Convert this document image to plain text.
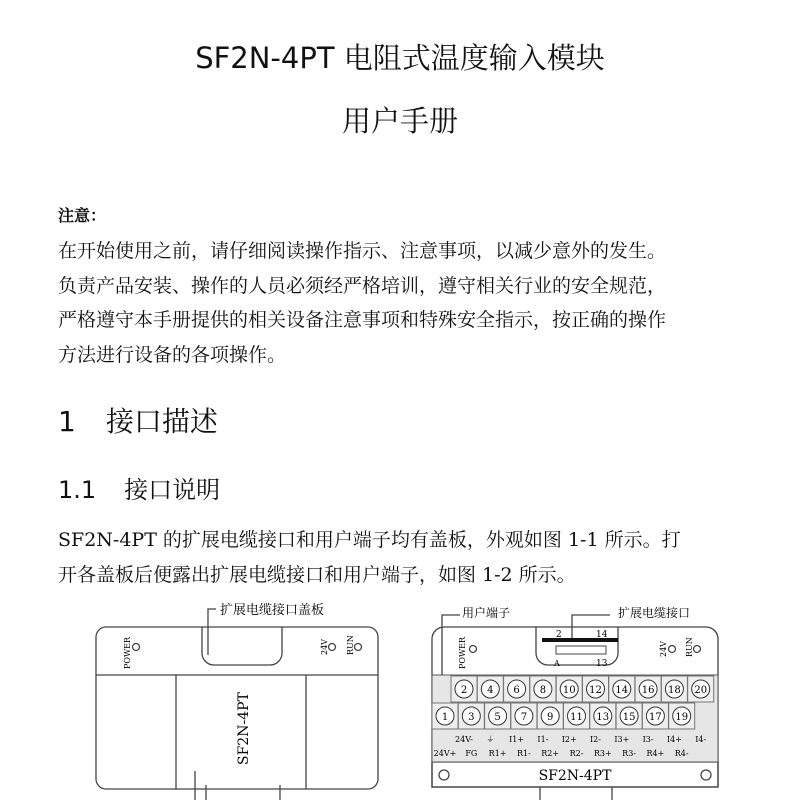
SF2N-4PT 电阻式温度输入模块
用户手册
注意：
在开始使用之前，请仔细阅读操作指示、注意事项，以减少意外的发生。
负责产品安装、操作的人员必须经严格培训，遵守相关行业的安全规范，
严格遵守本手册提供的相关设备注意事项和特殊安全指示，按正确的操作
方法进行设备的各项操作。
1 接口描述
1.1 接口说明
SF2N-4PT 的扩展电缆接口和用户端子均有盖板，外观如图 1-1 所示。打
开各盖板后便露出扩展电缆接口和用户端子，如图 1-2 所示。
扩展电缆接口盖板
POWER	24V RUN
SF2N-4PT
2 4 6 8 10 12 14 16 18 20
1 3 5 7 9 11 13 15 17 19
24V- ⏚ I1+ I1- I2+ I2- I3+ I3- I4+ I4-
24V+ FG R1+ R1- R2+ R2- R3+ R3- R4+ R4-
用户端子	扩展电缆接口
POWER	24V RUN
2	14
A	13
SF2N-4PT
